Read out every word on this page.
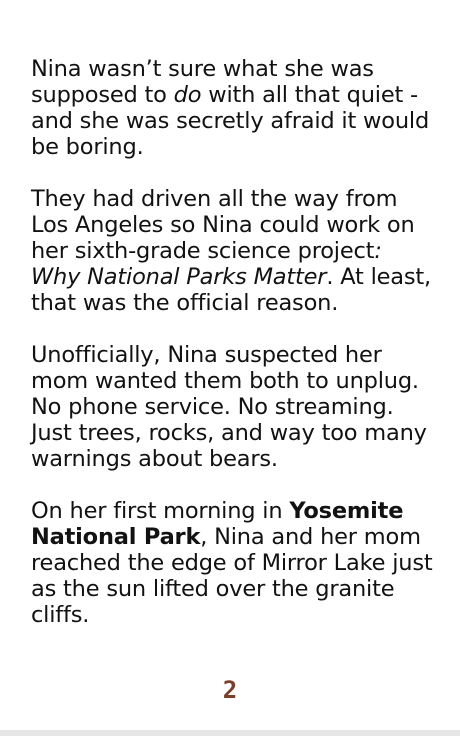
Nina wasn’t sure what she was supposed to do with all that quiet - and she was secretly afraid it would be boring.

They had driven all the way from Los Angeles so Nina could work on her sixth-grade science project: Why National Parks Matter. At least, that was the official reason.

Unofficially, Nina suspected her mom wanted them both to unplug. No phone service. No streaming. Just trees, rocks, and way too many warnings about bears.

On her first morning in Yosemite National Park, Nina and her mom reached the edge of Mirror Lake just as the sun lifted over the granite cliffs.

2
